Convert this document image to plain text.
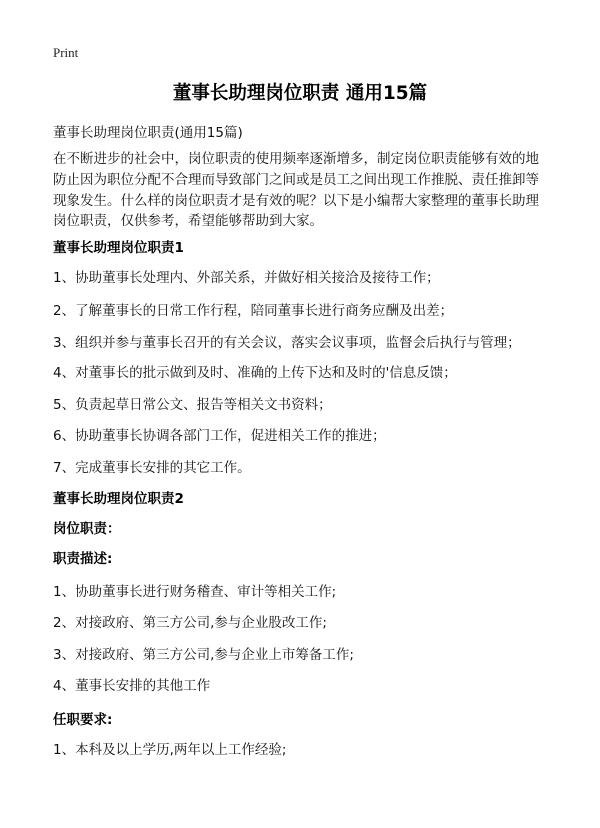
Print
董事长助理岗位职责 通用15篇
董事长助理岗位职责(通用15篇)
在不断进步的社会中，岗位职责的使用频率逐渐增多，制定岗位职责能够有效的地
防止因为职位分配不合理而导致部门之间或是员工之间出现工作推脱、责任推卸等
现象发生。什么样的岗位职责才是有效的呢？以下是小编帮大家整理的董事长助理
岗位职责，仅供参考，希望能够帮助到大家。
董事长助理岗位职责1
1、协助董事长处理内、外部关系，并做好相关接洽及接待工作；
2、了解董事长的日常工作行程，陪同董事长进行商务应酬及出差；
3、组织并参与董事长召开的有关会议，落实会议事项，监督会后执行与管理；
4、对董事长的批示做到及时、准确的上传下达和及时的'信息反馈；
5、负责起草日常公文、报告等相关文书资料；
6、协助董事长协调各部门工作，促进相关工作的推进；
7、完成董事长安排的其它工作。
董事长助理岗位职责2
岗位职责：
职责描述:
1、协助董事长进行财务稽查、审计等相关工作;
2、对接政府、第三方公司,参与企业股改工作;
3、对接政府、第三方公司,参与企业上市筹备工作;
4、董事长安排的其他工作
任职要求:
1、本科及以上学历,两年以上工作经验;
